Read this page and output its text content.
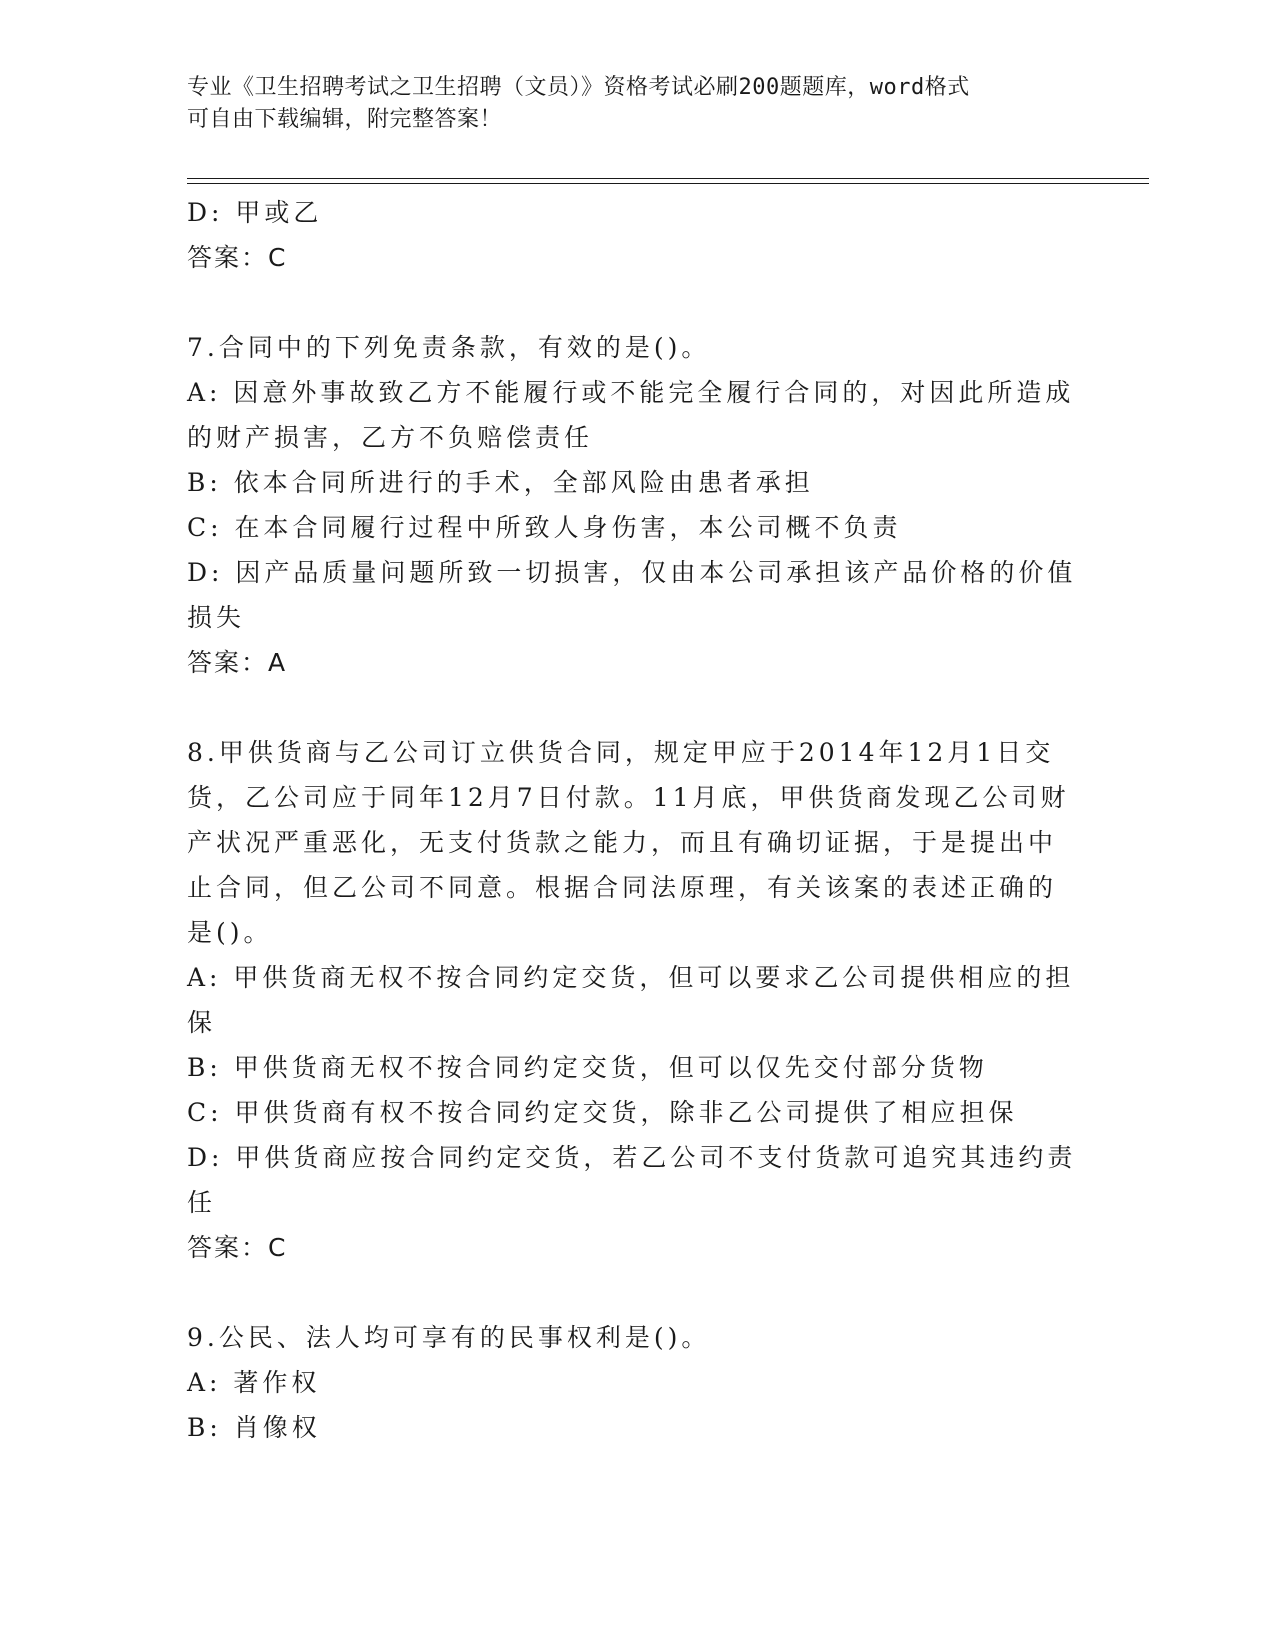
专业《卫生招聘考试之卫生招聘（文员）》资格考试必刷200题题库，word格式
可自由下载编辑，附完整答案！
D: 甲或乙
答案：C
7.合同中的下列免责条款，有效的是()。
A: 因意外事故致乙方不能履行或不能完全履行合同的，对因此所造成
的财产损害，乙方不负赔偿责任
B: 依本合同所进行的手术，全部风险由患者承担
C: 在本合同履行过程中所致人身伤害，本公司概不负责
D: 因产品质量问题所致一切损害，仅由本公司承担该产品价格的价值
损失
答案：A
8.甲供货商与乙公司订立供货合同，规定甲应于2014年12月1日交
货，乙公司应于同年12月7日付款。11月底，甲供货商发现乙公司财
产状况严重恶化，无支付货款之能力，而且有确切证据，于是提出中
止合同，但乙公司不同意。根据合同法原理，有关该案的表述正确的
是()。
A: 甲供货商无权不按合同约定交货，但可以要求乙公司提供相应的担
保
B: 甲供货商无权不按合同约定交货，但可以仅先交付部分货物
C: 甲供货商有权不按合同约定交货，除非乙公司提供了相应担保
D: 甲供货商应按合同约定交货，若乙公司不支付货款可追究其违约责
任
答案：C
9.公民、法人均可享有的民事权利是()。
A: 著作权
B: 肖像权
